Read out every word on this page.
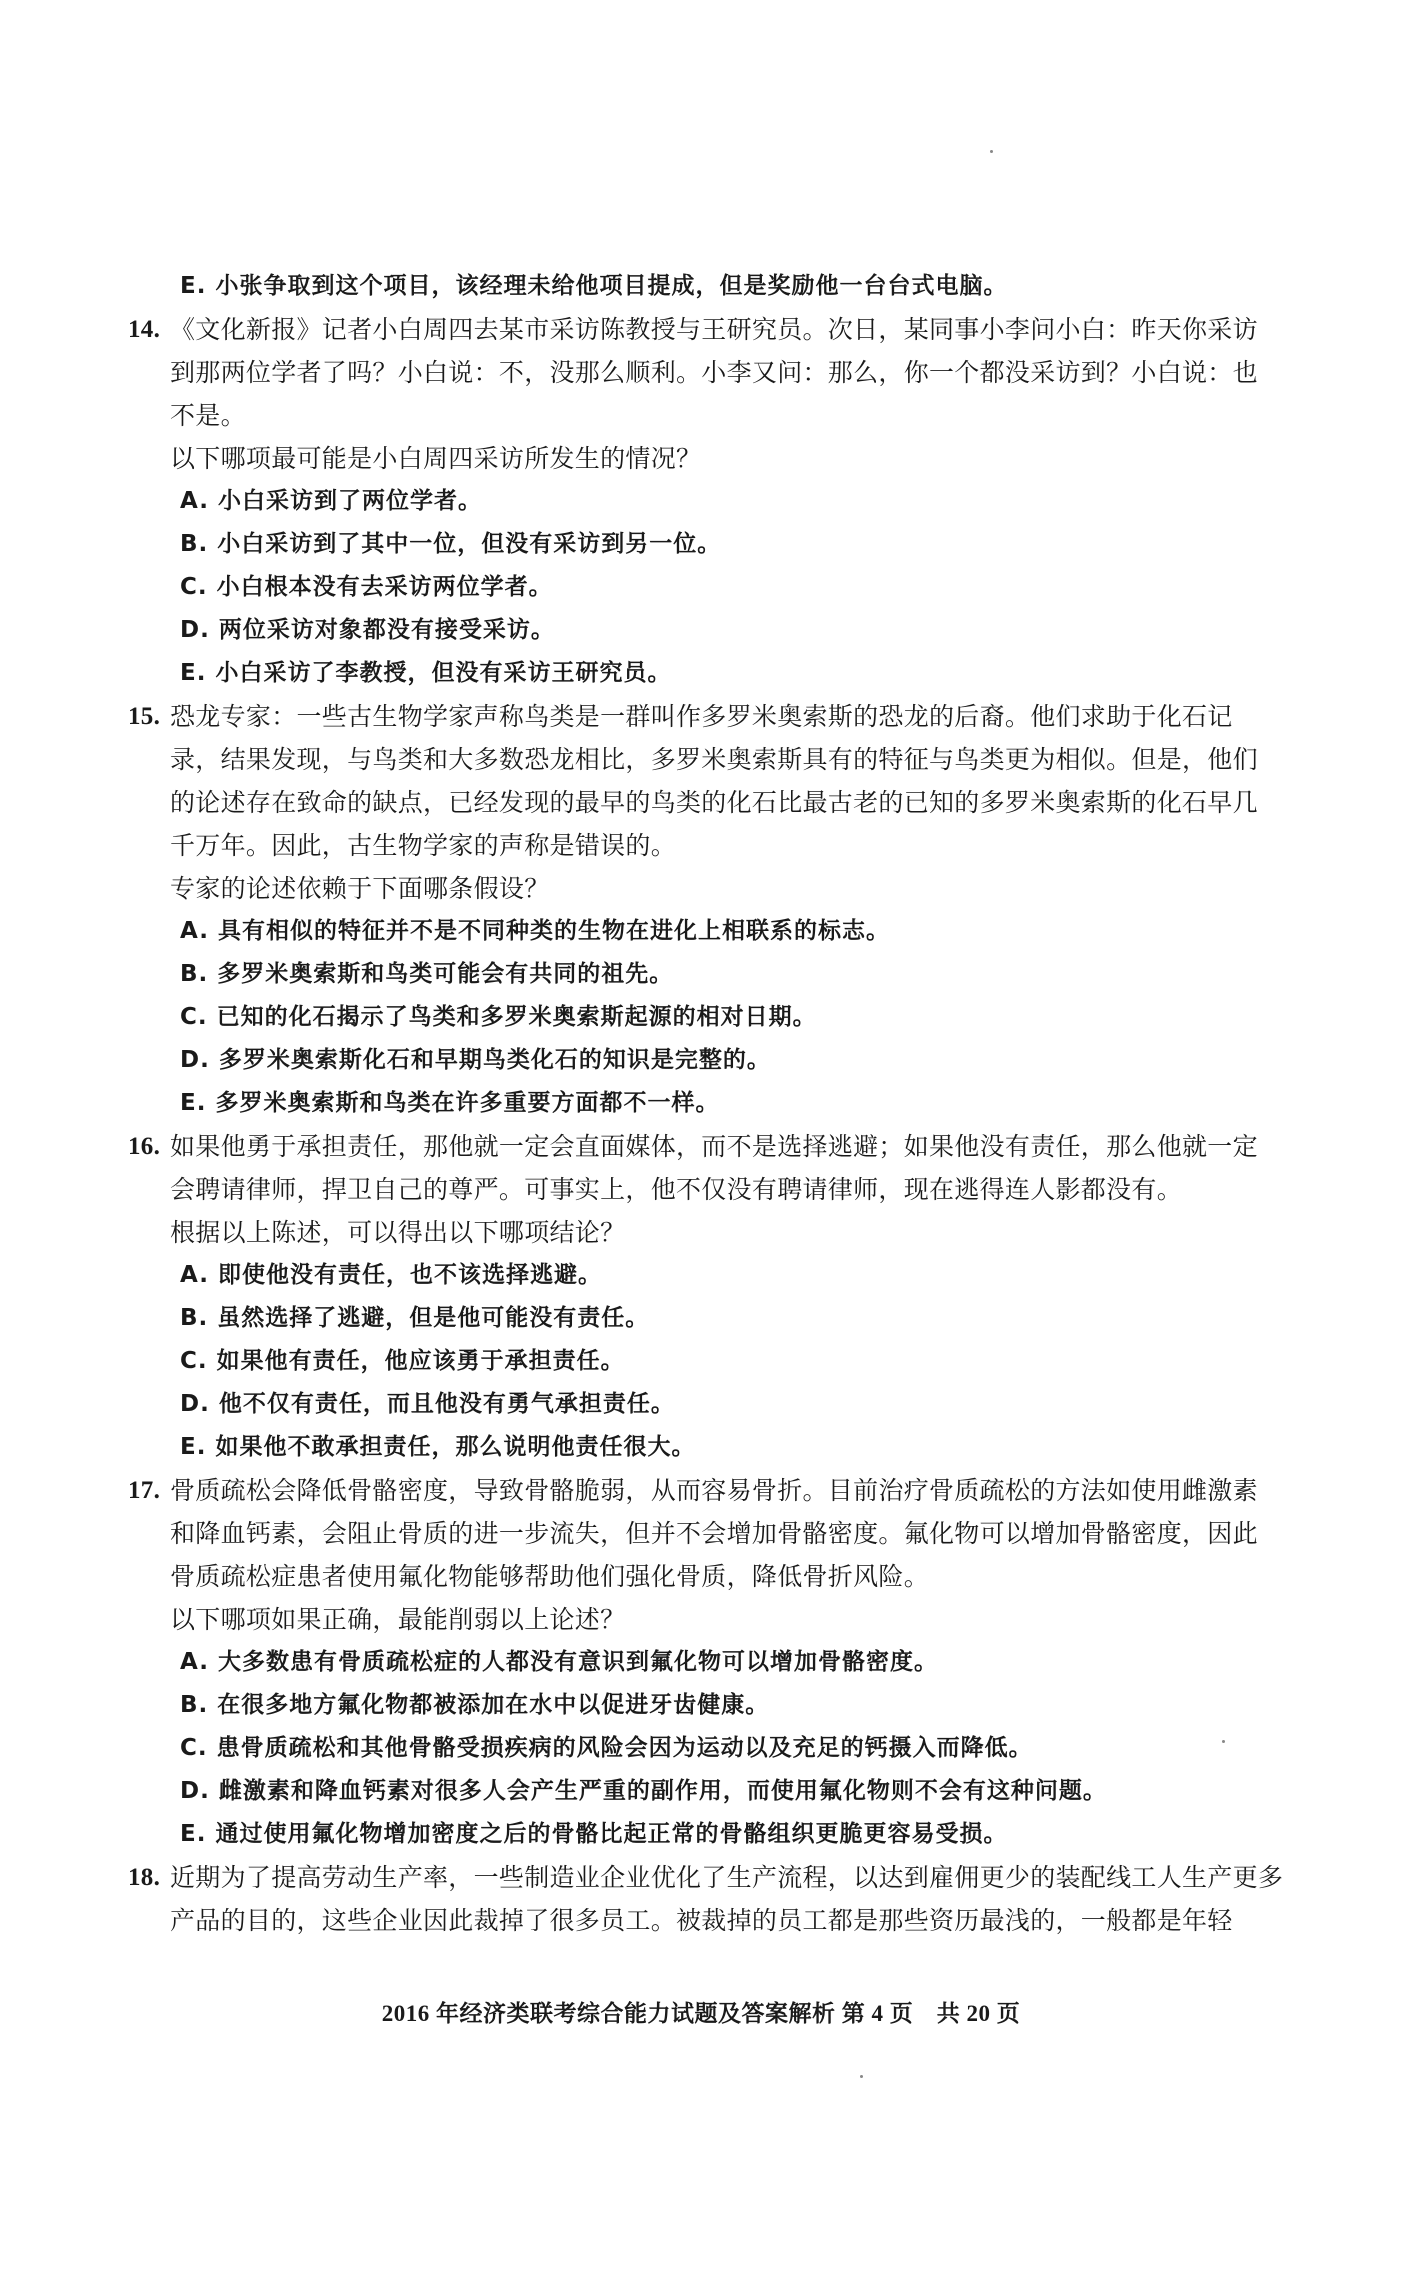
E. 小张争取到这个项目，该经理未给他项目提成，但是奖励他一台台式电脑。
14. 《文化新报》记者小白周四去某市采访陈教授与王研究员。次日，某同事小李问小白：昨天你采访
到那两位学者了吗？小白说：不，没那么顺利。小李又问：那么，你一个都没采访到？小白说：也
不是。
以下哪项最可能是小白周四采访所发生的情况？
A. 小白采访到了两位学者。
B. 小白采访到了其中一位，但没有采访到另一位。
C. 小白根本没有去采访两位学者。
D. 两位采访对象都没有接受采访。
E. 小白采访了李教授，但没有采访王研究员。
15. 恐龙专家：一些古生物学家声称鸟类是一群叫作多罗米奥索斯的恐龙的后裔。他们求助于化石记
录，结果发现，与鸟类和大多数恐龙相比，多罗米奥索斯具有的特征与鸟类更为相似。但是，他们
的论述存在致命的缺点，已经发现的最早的鸟类的化石比最古老的已知的多罗米奥索斯的化石早几
千万年。因此，古生物学家的声称是错误的。
专家的论述依赖于下面哪条假设？
A. 具有相似的特征并不是不同种类的生物在进化上相联系的标志。
B. 多罗米奥索斯和鸟类可能会有共同的祖先。
C. 已知的化石揭示了鸟类和多罗米奥索斯起源的相对日期。
D. 多罗米奥索斯化石和早期鸟类化石的知识是完整的。
E. 多罗米奥索斯和鸟类在许多重要方面都不一样。
16. 如果他勇于承担责任，那他就一定会直面媒体，而不是选择逃避；如果他没有责任，那么他就一定
会聘请律师，捍卫自己的尊严。可事实上，他不仅没有聘请律师，现在逃得连人影都没有。
根据以上陈述，可以得出以下哪项结论？
A. 即使他没有责任，也不该选择逃避。
B. 虽然选择了逃避，但是他可能没有责任。
C. 如果他有责任，他应该勇于承担责任。
D. 他不仅有责任，而且他没有勇气承担责任。
E. 如果他不敢承担责任，那么说明他责任很大。
17. 骨质疏松会降低骨骼密度，导致骨骼脆弱，从而容易骨折。目前治疗骨质疏松的方法如使用雌激素
和降血钙素，会阻止骨质的进一步流失，但并不会增加骨骼密度。氟化物可以增加骨骼密度，因此
骨质疏松症患者使用氟化物能够帮助他们强化骨质，降低骨折风险。
以下哪项如果正确，最能削弱以上论述？
A. 大多数患有骨质疏松症的人都没有意识到氟化物可以增加骨骼密度。
B. 在很多地方氟化物都被添加在水中以促进牙齿健康。
C. 患骨质疏松和其他骨骼受损疾病的风险会因为运动以及充足的钙摄入而降低。
D. 雌激素和降血钙素对很多人会产生严重的副作用，而使用氟化物则不会有这种问题。
E. 通过使用氟化物增加密度之后的骨骼比起正常的骨骼组织更脆更容易受损。
18. 近期为了提高劳动生产率，一些制造业企业优化了生产流程，以达到雇佣更少的装配线工人生产更多
产品的目的，这些企业因此裁掉了很多员工。被裁掉的员工都是那些资历最浅的，一般都是年轻
2016 年经济类联考综合能力试题及答案解析 第 4 页　共 20 页
